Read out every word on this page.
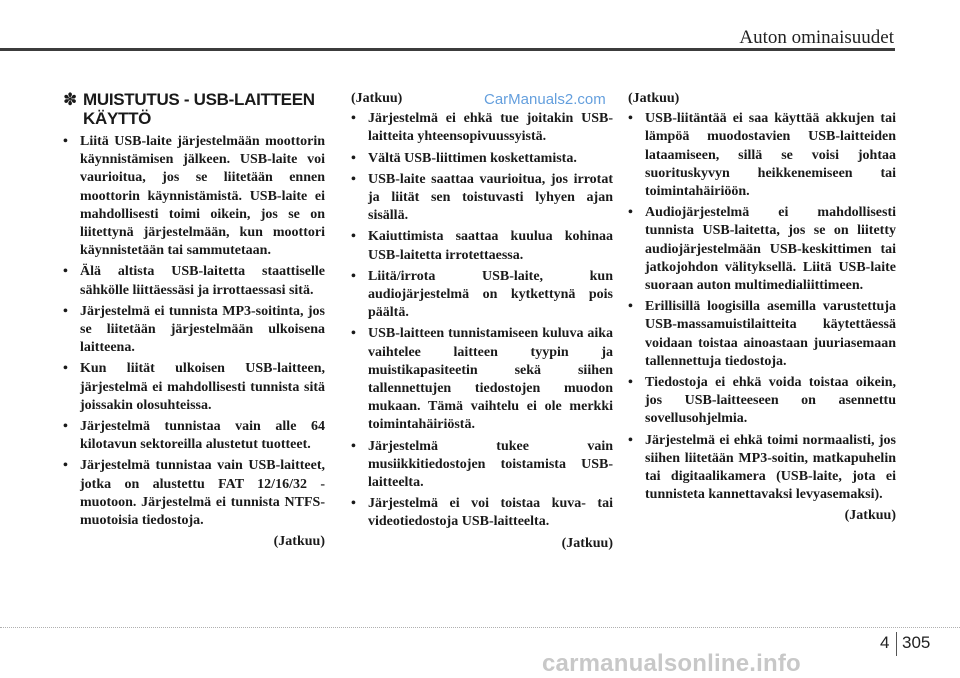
Auton ominaisuudet
CarManuals2.com
✽ MUISTUTUS - USB-LAITTEEN KÄYTTÖ
• Liitä USB-laite järjestelmään moottorin käynnistämisen jälkeen. USB-laite voi vaurioitua, jos se liitetään ennen moottorin käynnistämistä. USB-laite ei mahdollisesti toimi oikein, jos se on liitettynä järjestelmään, kun moottori käynnistetään tai sammutetaan.
• Älä altista USB-laitetta staattiselle sähkölle liittäessäsi ja irrottaessasi sitä.
• Järjestelmä ei tunnista MP3-soitinta, jos se liitetään järjestelmään ulkoisena laitteena.
• Kun liität ulkoisen USB-laitteen, järjestelmä ei mahdollisesti tunnista sitä joissakin olosuhteissa.
• Järjestelmä tunnistaa vain alle 64 kilotavun sektoreilla alustetut tuotteet.
• Järjestelmä tunnistaa vain USB-laitteet, jotka on alustettu FAT 12/16/32 -muotoon. Järjestelmä ei tunnista NTFS-muotoisia tiedostoja.
(Jatkuu)
(Jatkuu)
• Järjestelmä ei ehkä tue joitakin USB-laitteita yhteensopivuussyistä.
• Vältä USB-liittimen koskettamista.
• USB-laite saattaa vaurioitua, jos irrotat ja liität sen toistuvasti lyhyen ajan sisällä.
• Kaiuttimista saattaa kuulua kohinaa USB-laitetta irrotettaessa.
• Liitä/irrota USB-laite, kun audiojärjestelmä on kytkettynä pois päältä.
• USB-laitteen tunnistamiseen kuluva aika vaihtelee laitteen tyypin ja muistikapasiteetin sekä siihen tallennettujen tiedostojen muodon mukaan. Tämä vaihtelu ei ole merkki toimintahäiriöstä.
• Järjestelmä tukee vain musiikkitiedostojen toistamista USB-laitteelta.
• Järjestelmä ei voi toistaa kuva- tai videotiedostoja USB-laitteelta.
(Jatkuu)
(Jatkuu)
• USB-liitäntää ei saa käyttää akkujen tai lämpöä muodostavien USB-laitteiden lataamiseen, sillä se voisi johtaa suorituskyvyn heikkenemiseen tai toimintahäiriöön.
• Audiojärjestelmä ei mahdollisesti tunnista USB-laitetta, jos se on liitetty audiojärjestelmään USB-keskittimen tai jatkojohdon välityksellä. Liitä USB-laite suoraan auton multimedialiittimeen.
• Erillisillä loogisilla asemilla varustettuja USB-massamuistilaitteita käytettäessä voidaan toistaa ainoastaan juuriasemaan tallennettuja tiedostoja.
• Tiedostoja ei ehkä voida toistaa oikein, jos USB-laitteeseen on asennettu sovellusohjelmia.
• Järjestelmä ei ehkä toimi normaalisti, jos siihen liitetään MP3-soitin, matkapuhelin tai digitaalikamera (USB-laite, jota ei tunnisteta kannettavaksi levyasemaksi).
(Jatkuu)
4 305
carmanualsonline.info
